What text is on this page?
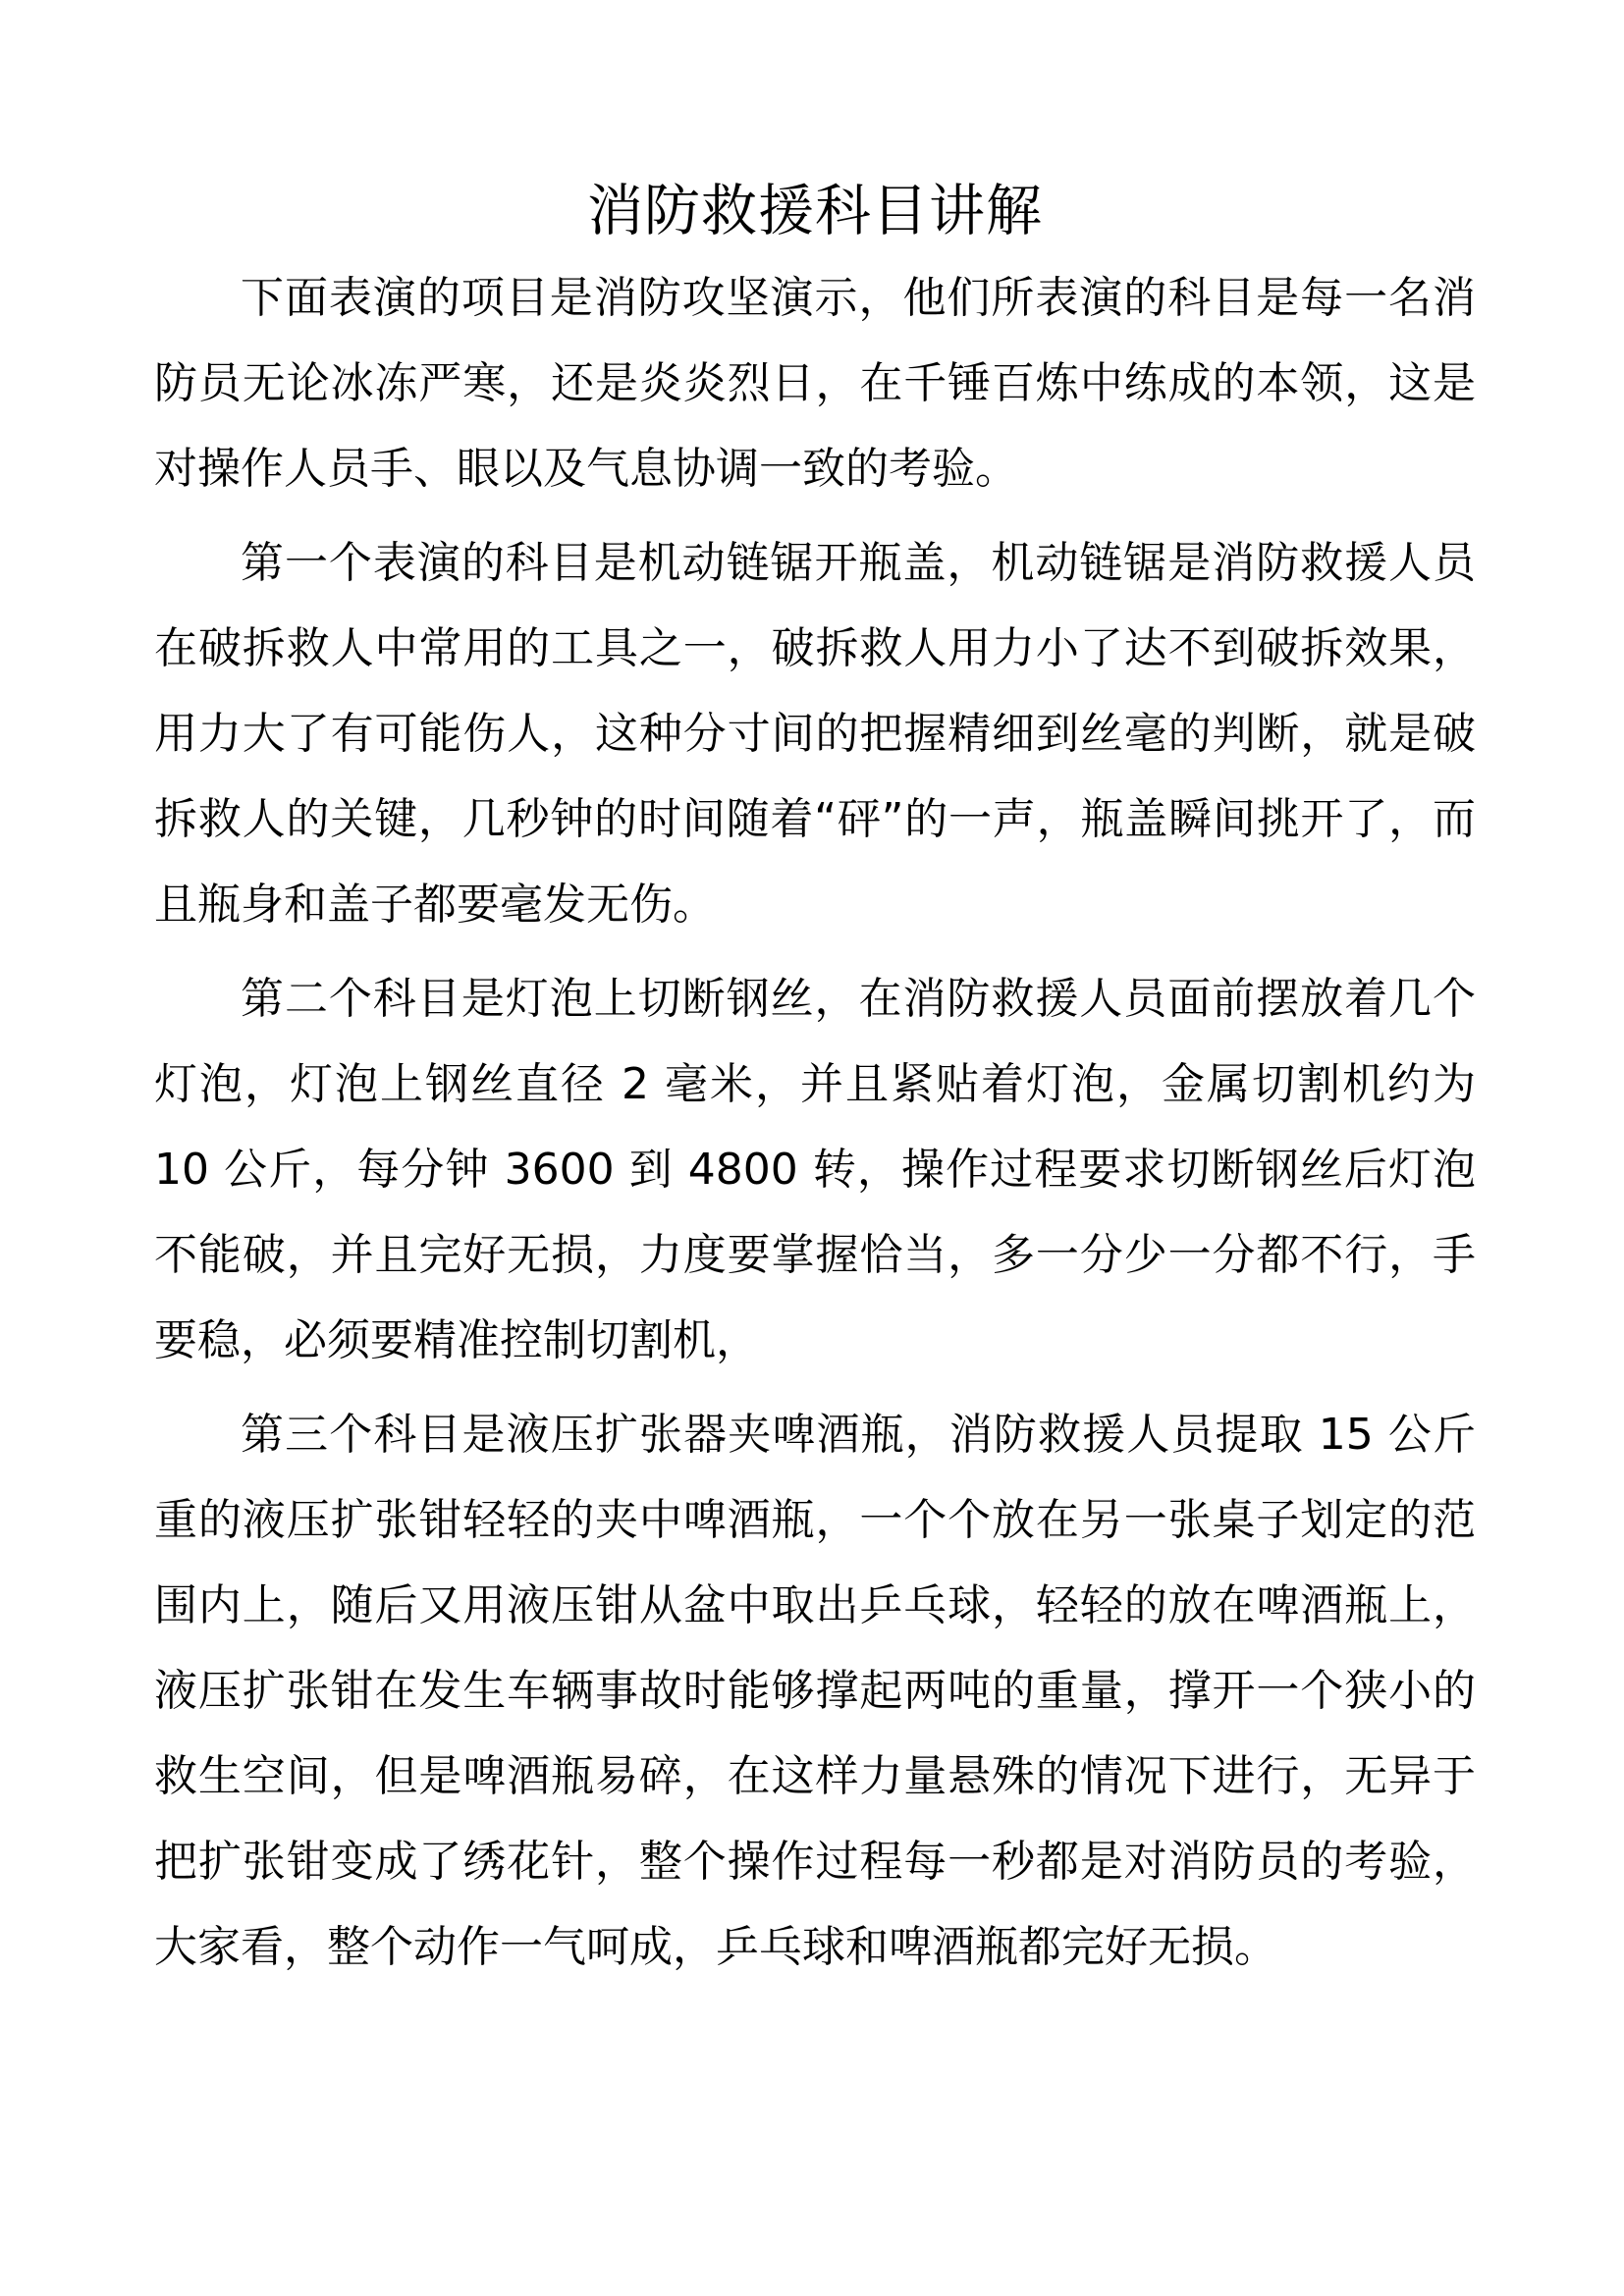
消防救援科目讲解

下面表演的项目是消防攻坚演示，他们所表演的科目是每一名消防员无论冰冻严寒，还是炎炎烈日，在千锤百炼中练成的本领，这是对操作人员手、眼以及气息协调一致的考验。

第一个表演的科目是机动链锯开瓶盖，机动链锯是消防救援人员在破拆救人中常用的工具之一，破拆救人用力小了达不到破拆效果，用力大了有可能伤人，这种分寸间的把握精细到丝毫的判断，就是破拆救人的关键，几秒钟的时间随着“砰”的一声，瓶盖瞬间挑开了，而且瓶身和盖子都要毫发无伤。

第二个科目是灯泡上切断钢丝，在消防救援人员面前摆放着几个灯泡，灯泡上钢丝直径 2 毫米，并且紧贴着灯泡，金属切割机约为 10 公斤，每分钟 3600 到 4800 转，操作过程要求切断钢丝后灯泡不能破，并且完好无损，力度要掌握恰当，多一分少一分都不行，手要稳，必须要精准控制切割机，

第三个科目是液压扩张器夹啤酒瓶，消防救援人员提取 15 公斤重的液压扩张钳轻轻的夹中啤酒瓶，一个个放在另一张桌子划定的范围内上，随后又用液压钳从盆中取出乒乓球，轻轻的放在啤酒瓶上，液压扩张钳在发生车辆事故时能够撑起两吨的重量，撑开一个狭小的救生空间，但是啤酒瓶易碎，在这样力量悬殊的情况下进行，无异于把扩张钳变成了绣花针，整个操作过程每一秒都是对消防员的考验，大家看，整个动作一气呵成，乒乓球和啤酒瓶都完好无损。
